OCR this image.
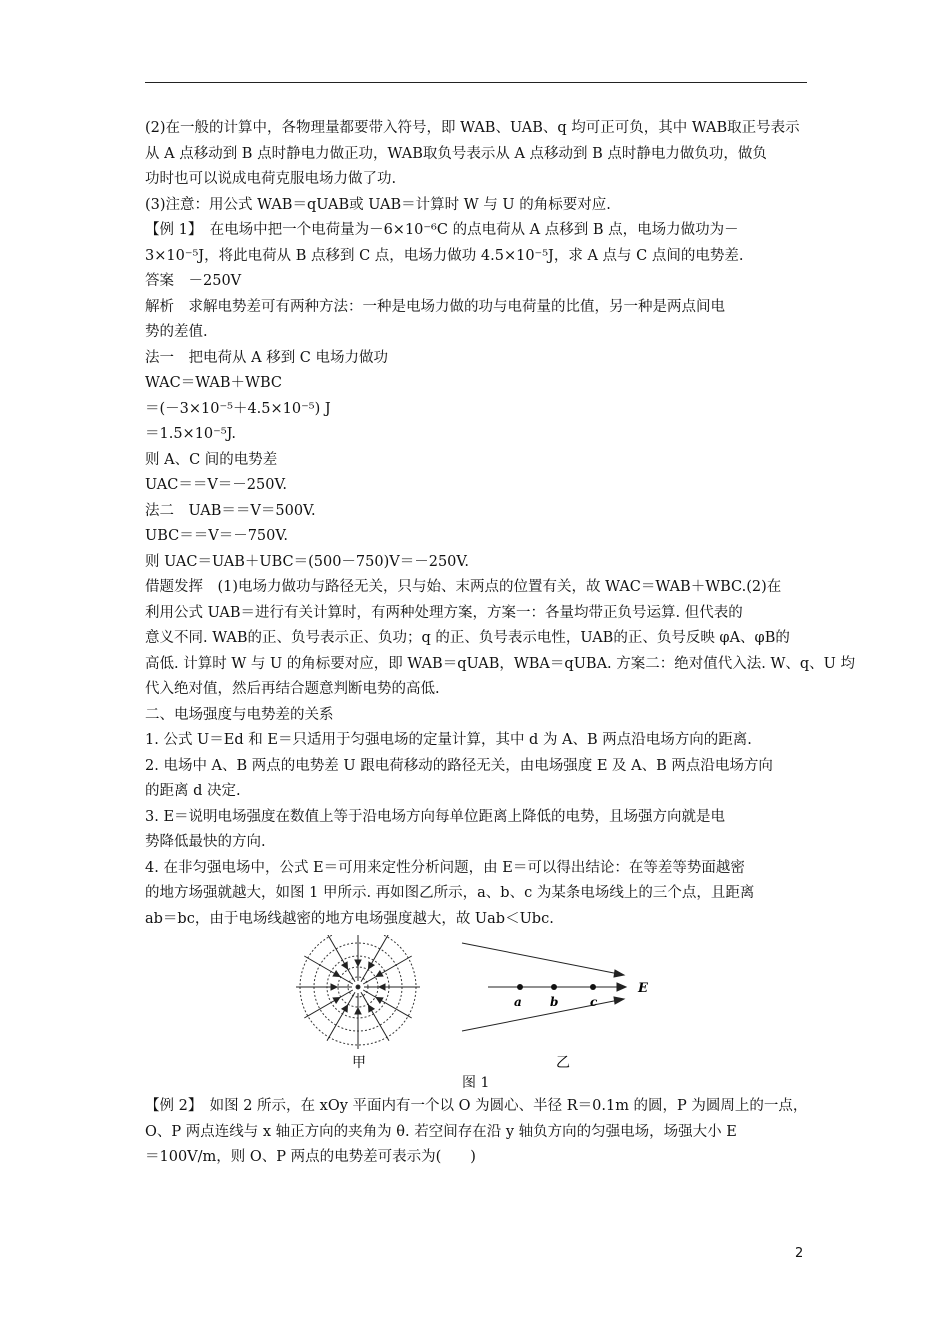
(2)在一般的计算中，各物理量都要带入符号，即 WAB、UAB、q 均可正可负，其中 WAB取正号表示
从 A 点移动到 B 点时静电力做正功，WAB取负号表示从 A 点移动到 B 点时静电力做负功，做负
功时也可以说成电荷克服电场力做了功.
(3)注意：用公式 WAB＝qUAB或 UAB＝计算时 W 与 U 的角标要对应.
【例 1】　在电场中把一个电荷量为－6×10⁻⁶C 的点电荷从 A 点移到 B 点，电场力做功为－
3×10⁻⁵J，将此电荷从 B 点移到 C 点，电场力做功 4.5×10⁻⁵J，求 A 点与 C 点间的电势差.
答案　－250V
解析　求解电势差可有两种方法：一种是电场力做的功与电荷量的比值，另一种是两点间电
势的差值.
法一　把电荷从 A 移到 C 电场力做功
WAC＝WAB＋WBC
＝(－3×10⁻⁵＋4.5×10⁻⁵) J
＝1.5×10⁻⁵J.
则 A、C 间的电势差
UAC＝＝V＝－250V.
法二　UAB＝＝V＝500V.
UBC＝＝V＝－750V.
则 UAC＝UAB＋UBC＝(500－750)V＝－250V.
借题发挥　(1)电场力做功与路径无关，只与始、末两点的位置有关，故 WAC＝WAB＋WBC.(2)在
利用公式 UAB＝进行有关计算时，有两种处理方案，方案一：各量均带正负号运算. 但代表的
意义不同. WAB的正、负号表示正、负功；q 的正、负号表示电性，UAB的正、负号反映 φA、φB的
高低. 计算时 W 与 U 的角标要对应，即 WAB＝qUAB，WBA＝qUBA. 方案二：绝对值代入法. W、q、U 均
代入绝对值，然后再结合题意判断电势的高低.
二、电场强度与电势差的关系
1. 公式 U＝Ed 和 E＝只适用于匀强电场的定量计算，其中 d 为 A、B 两点沿电场方向的距离.
2. 电场中 A、B 两点的电势差 U 跟电荷移动的路径无关，由电场强度 E 及 A、B 两点沿电场方向
的距离 d 决定.
3. E＝说明电场强度在数值上等于沿电场方向每单位距离上降低的电势，且场强方向就是电
势降低最快的方向.
4. 在非匀强电场中，公式 E＝可用来定性分析问题，由 E＝可以得出结论：在等差等势面越密
的地方场强就越大，如图 1 甲所示. 再如图乙所示，a、b、c 为某条电场线上的三个点，且距离
ab＝bc，由于电场线越密的地方电场强度越大，故 Uab＜Ubc.
甲
a b	c
E
乙
图 1
【例 2】　如图 2 所示，在 xOy 平面内有一个以 O 为圆心、半径 R＝0.1m 的圆，P 为圆周上的一点，
O、P 两点连线与 x 轴正方向的夹角为 θ. 若空间存在沿 y 轴负方向的匀强电场，场强大小 E
＝100V/m，则 O、P 两点的电势差可表示为(　　)
2
